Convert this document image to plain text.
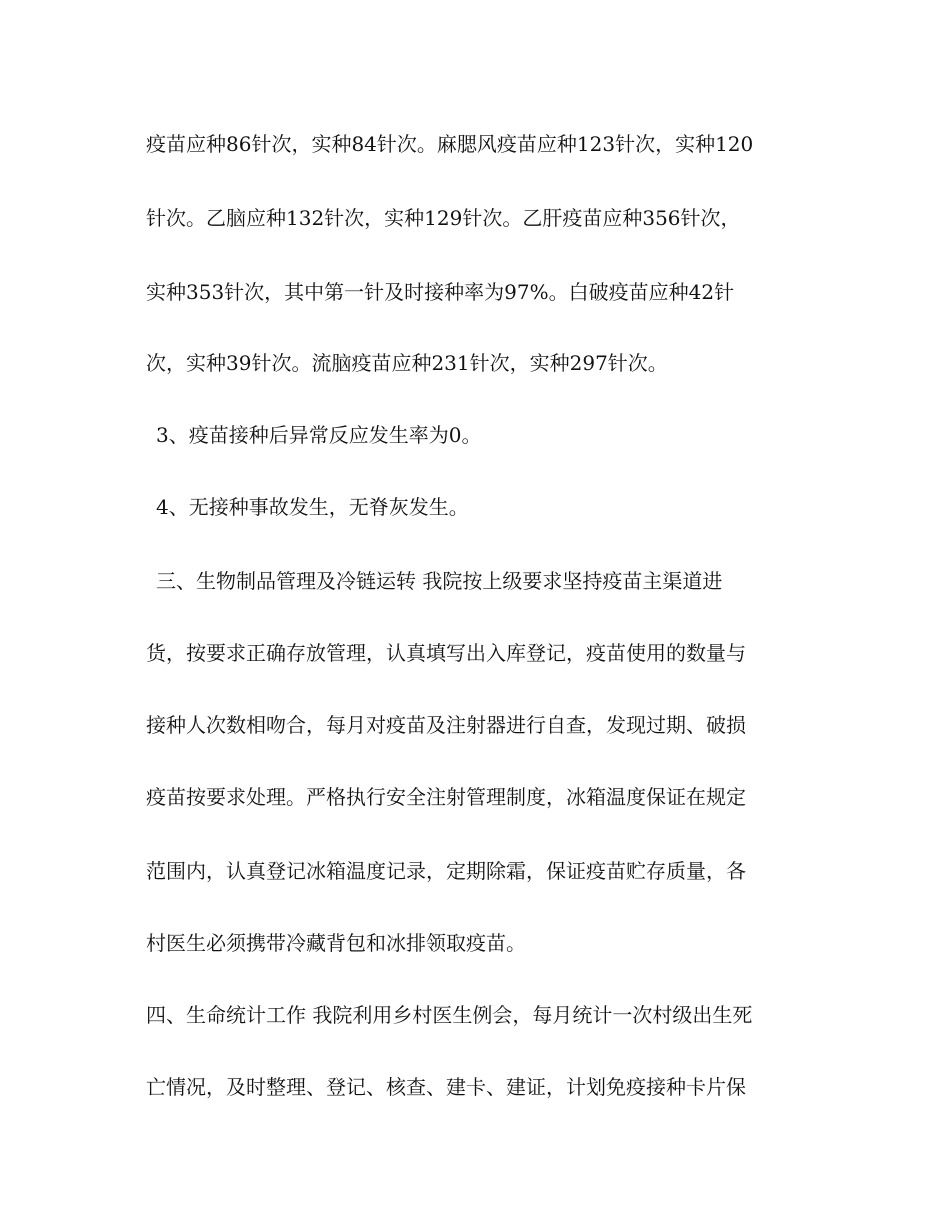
疫苗应种86针次，实种84针次。麻腮风疫苗应种123针次，实种120
针次。乙脑应种132针次，实种129针次。乙肝疫苗应种356针次，
实种353针次，其中第一针及时接种率为97%。白破疫苗应种42针
次，实种39针次。流脑疫苗应种231针次，实种297针次。
3、疫苗接种后异常反应发生率为0。
4、无接种事故发生，无脊灰发生。
三、生物制品管理及冷链运转 我院按上级要求坚持疫苗主渠道进
货，按要求正确存放管理，认真填写出入库登记，疫苗使用的数量与
接种人次数相吻合，每月对疫苗及注射器进行自查，发现过期、破损
疫苗按要求处理。严格执行安全注射管理制度，冰箱温度保证在规定
范围内，认真登记冰箱温度记录，定期除霜，保证疫苗贮存质量，各
村医生必须携带冷藏背包和冰排领取疫苗。
四、生命统计工作 我院利用乡村医生例会，每月统计一次村级出生死
亡情况，及时整理、登记、核查、建卡、建证，计划免疫接种卡片保
